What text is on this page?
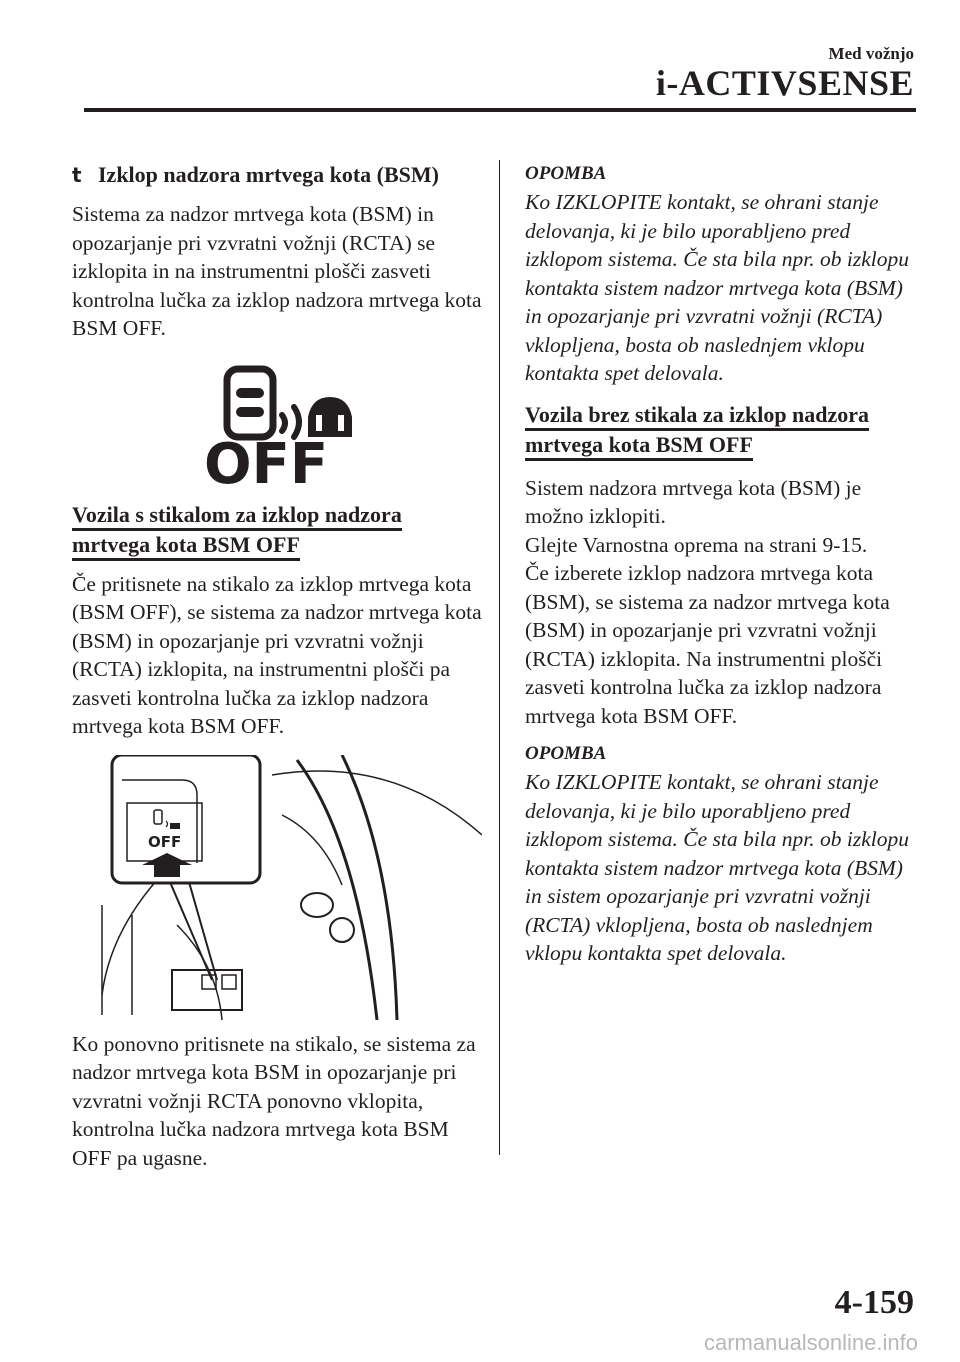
Med vožnjo
i-ACTIVSENSE
t Izklop nadzora mrtvega kota (BSM)

Sistema za nadzor mrtvega kota (BSM) in opozarjanje pri vzvratni vožnji (RCTA) se izklopita in na instrumentni plošči zasveti kontrolna lučka za izklop nadzora mrtvega kota BSM OFF.

OFF
Vozila s stikalom za izklop nadzora
mrtvega kota BSM OFF

Če pritisnete na stikalo za izklop mrtvega kota (BSM OFF), se sistema za nadzor mrtvega kota (BSM) in opozarjanje pri vzvratni vožnji (RCTA) izklopita, na instrumentni plošči pa zasveti kontrolna lučka za izklop nadzora mrtvega kota BSM OFF.

OFF

Ko ponovno pritisnete na stikalo, se sistema za nadzor mrtvega kota BSM in opozarjanje pri vzvratni vožnji RCTA ponovno vklopita, kontrolna lučka nadzora mrtvega kota BSM OFF pa ugasne.

OPOMBA

Ko IZKLOPITE kontakt, se ohrani stanje delovanja, ki je bilo uporabljeno pred izklopom sistema. Če sta bila npr. ob izklopu kontakta sistem nadzor mrtvega kota (BSM) in opozarjanje pri vzvratni vožnji (RCTA) vklopljena, bosta ob naslednjem vklopu kontakta spet delovala.

Vozila brez stikala za izklop nadzora
mrtvega kota BSM OFF

Sistem nadzora mrtvega kota (BSM) je možno izklopiti.

Glejte Varnostna oprema na strani 9-15.

Če izberete izklop nadzora mrtvega kota (BSM), se sistema za nadzor mrtvega kota (BSM) in opozarjanje pri vzvratni vožnji (RCTA) izklopita. Na instrumentni plošči zasveti kontrolna lučka za izklop nadzora mrtvega kota BSM OFF.

OPOMBA

Ko IZKLOPITE kontakt, se ohrani stanje delovanja, ki je bilo uporabljeno pred izklopom sistema. Če sta bila npr. ob izklopu kontakta sistem nadzor mrtvega kota (BSM) in sistem opozarjanje pri vzvratni vožnji (RCTA) vklopljena, bosta ob naslednjem vklopu kontakta spet delovala.

4-159
carmanualsonline.info
